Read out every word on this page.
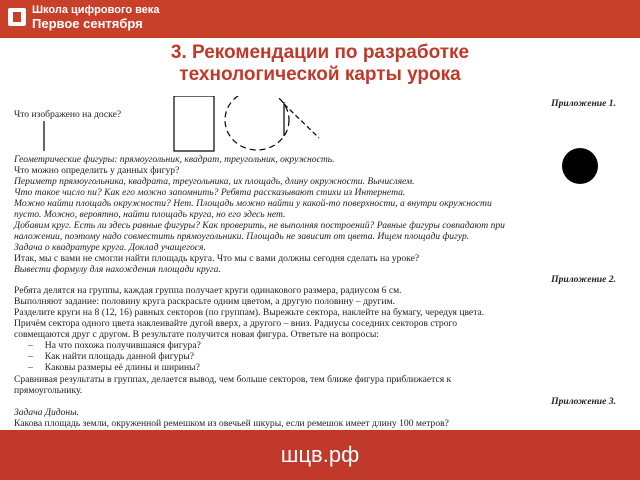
Школа цифрового века
Первое сентября
3. Рекомендации по разработке
технологической карты урока
Приложение 1.
Что изображено на доске?
Геометрические фигуры: прямоугольник, квадрат, треугольник, окружность.
Что можно определить у данных фигур?
Периметр прямоугольника, квадрата, треугольника, их площадь, длину окружности. Вычисляем.
Что такое число пи? Как его можно запомнить? Ребята рассказывают стихи из Интернета.
Можно найти площадь окружности? Нет. Площадь можно найти у какой-то поверхности, а внутри окружности
пусто. Можно, вероятно, найти площадь круга, но его здесь нет.
Добавим круг. Есть ли здесь равные фигуры? Как проверить, не выполняя построений? Равные фигуры совпадают при
наложении, поэтому надо совместить прямоугольники. Площадь не зависит от цвета. Ищем площади фигур.
Задача о квадратуре круга. Доклад учащегося.
Итак, мы с вами не смогли найти площадь круга. Что мы с вами должны сегодня сделать на уроке?
Вывести формулу для нахождения площади круга.
Приложение 2.
Ребята делятся на группы, каждая группа получает круги одинакового размера, радиусом 6 см.
Выполняют задание: половину круга раскрасьте одним цветом, а другую половину – другим.
Разделите круги на 8 (12, 16) равных секторов (по группам). Вырежьте сектора, наклейте на бумагу, чередуя цвета.
Причём сектора одного цвета наклеивайте дугой вверх, а другого – вниз. Радиусы соседних секторов строго
совмещаются друг с другом. В результате получится новая фигура. Ответьте на вопросы:
– На что похожа получившаяся фигура?
– Как найти площадь данной фигуры?
– Каковы размеры её длины и ширины?
Сравнивая результаты в группах, делается вывод, чем больше секторов, тем ближе фигура приближается к
прямоугольнику.
Приложение 3.
Задача Дидоны.
Какова площадь земли, окруженной ремешком из овечьей шкуры, если ремешок имеет длину 100 метров?
шцв.рф
